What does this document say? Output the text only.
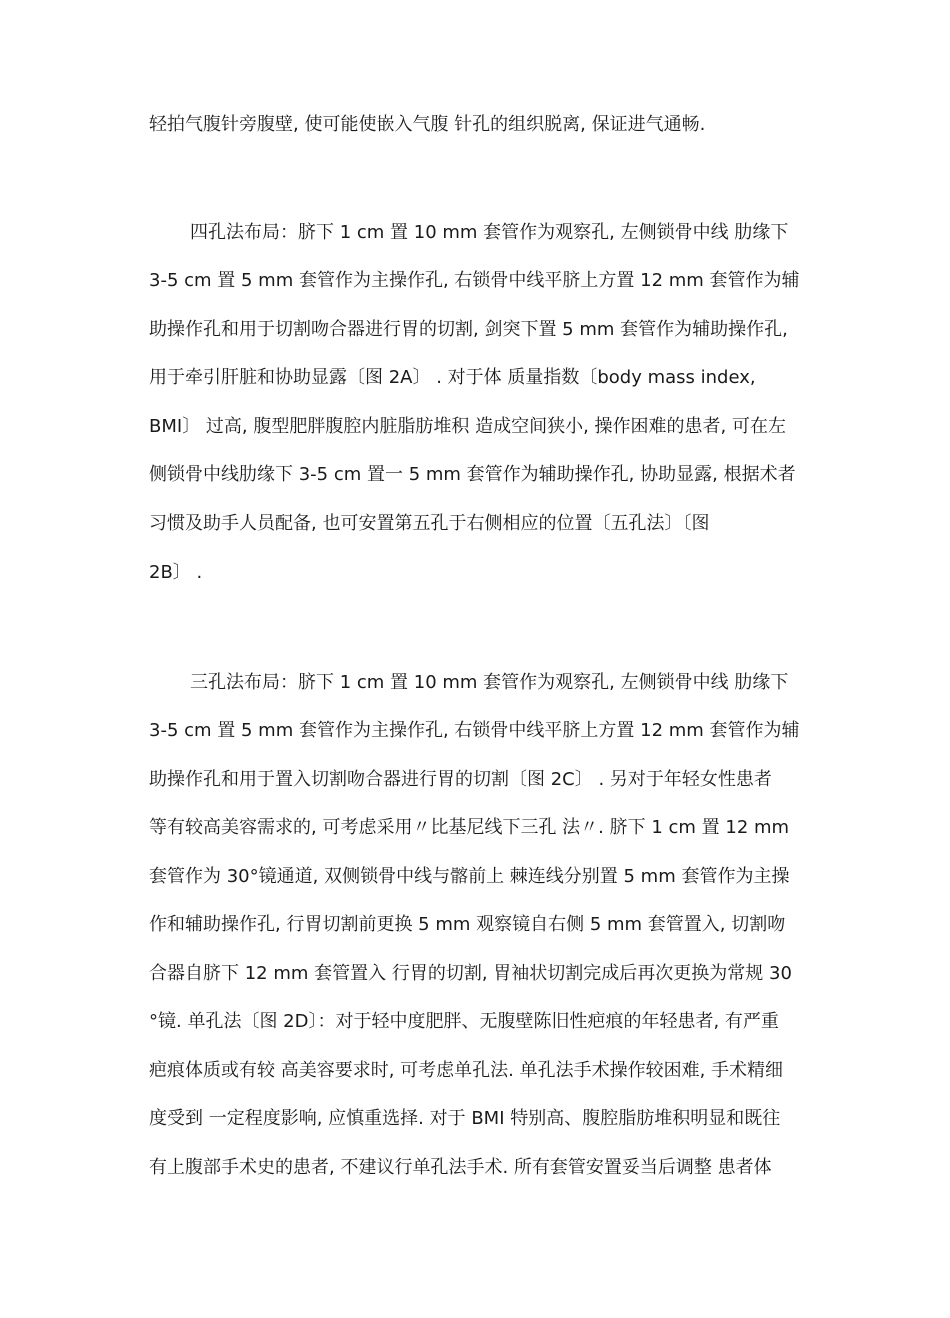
轻拍气腹针旁腹壁, 使可能使嵌入气腹 针孔的组织脱离, 保证进气通畅.
四孔法布局：脐下 1 cm 置 10 mm 套管作为观察孔, 左侧锁骨中线 肋缘下
3-5 cm 置 5 mm 套管作为主操作孔, 右锁骨中线平脐上方置 12 mm 套管作为辅
助操作孔和用于切割吻合器进行胃的切割, 剑突下置 5 mm 套管作为辅助操作孔,
用于牵引肝脏和协助显露〔图 2A〕 . 对于体 质量指数〔body mass index,
BMI〕 过高, 腹型肥胖腹腔内脏脂肪堆积 造成空间狭小, 操作困难的患者, 可在左
侧锁骨中线肋缘下 3-5 cm 置一 5 mm 套管作为辅助操作孔, 协助显露, 根据术者
习惯及助手人员配备, 也可安置第五孔于右侧相应的位置〔五孔法〕〔图
2B〕 .
三孔法布局：脐下 1 cm 置 10 mm 套管作为观察孔, 左侧锁骨中线 肋缘下
3-5 cm 置 5 mm 套管作为主操作孔, 右锁骨中线平脐上方置 12 mm 套管作为辅
助操作孔和用于置入切割吻合器进行胃的切割〔图 2C〕 . 另对于年轻女性患者
等有较高美容需求的, 可考虑采用〃比基尼线下三孔 法〃. 脐下 1 cm 置 12 mm
套管作为 30°镜通道, 双侧锁骨中线与髂前上 棘连线分别置 5 mm 套管作为主操
作和辅助操作孔, 行胃切割前更换 5 mm 观察镜自右侧 5 mm 套管置入, 切割吻
合器自脐下 12 mm 套管置入 行胃的切割, 胃袖状切割完成后再次更换为常规 30
°镜. 单孔法〔图 2D〕：对于轻中度肥胖、无腹壁陈旧性疤痕的年轻患者, 有严重
疤痕体质或有较 高美容要求时, 可考虑单孔法. 单孔法手术操作较困难, 手术精细
度受到 一定程度影响, 应慎重选择. 对于 BMI 特别高、腹腔脂肪堆积明显和既往
有上腹部手术史的患者, 不建议行单孔法手术. 所有套管安置妥当后调整 患者体
